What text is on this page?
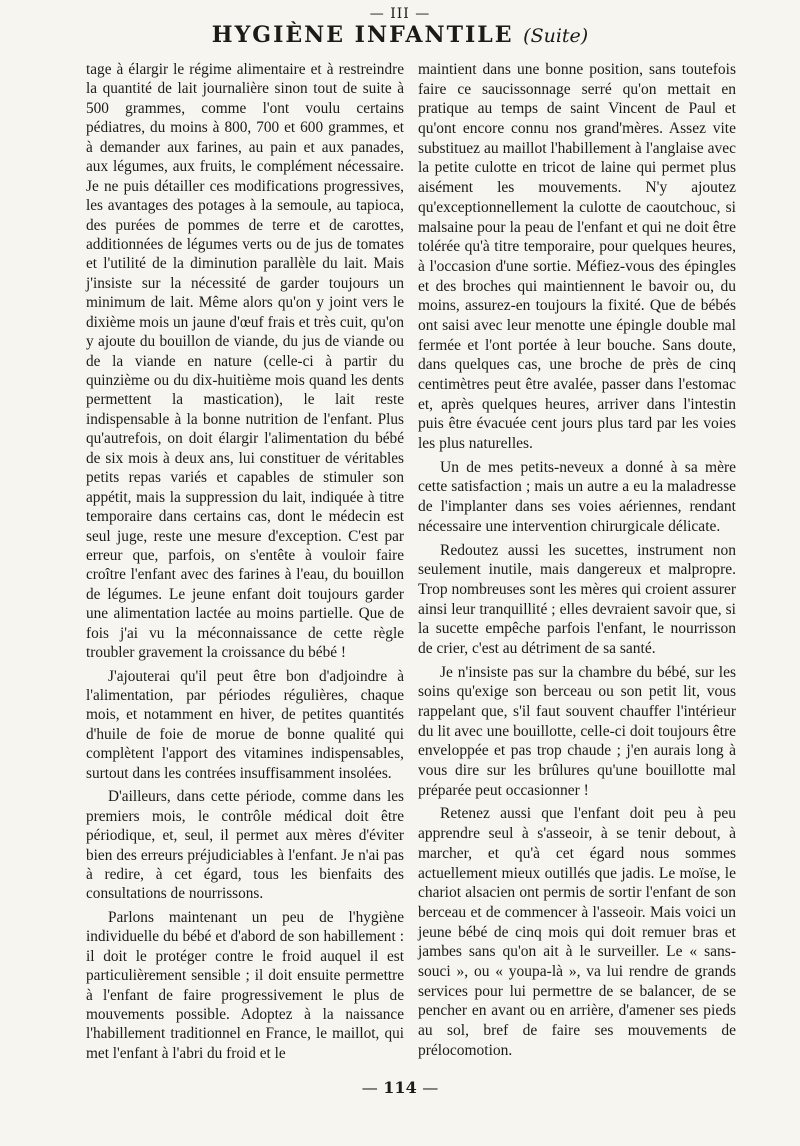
— III —
HYGIÈNE INFANTILE (Suite)

tage à élargir le régime alimentaire et à restreindre la quantité de lait journalière sinon tout de suite à 500 grammes, comme l'ont voulu certains pédiatres, du moins à 800, 700 et 600 grammes, et à demander aux farines, au pain et aux panades, aux légumes, aux fruits, le complément nécessaire. Je ne puis détailler ces modifications progressives, les avantages des potages à la semoule, au tapioca, des purées de pommes de terre et de carottes, additionnées de légumes verts ou de jus de tomates et l'utilité de la diminution parallèle du lait. Mais j'insiste sur la nécessité de garder toujours un minimum de lait. Même alors qu'on y joint vers le dixième mois un jaune d'œuf frais et très cuit, qu'on y ajoute du bouillon de viande, du jus de viande ou de la viande en nature (celle-ci à partir du quinzième ou du dix-huitième mois quand les dents permettent la mastication), le lait reste indispensable à la bonne nutrition de l'enfant. Plus qu'autrefois, on doit élargir l'alimentation du bébé de six mois à deux ans, lui constituer de véritables petits repas variés et capables de stimuler son appétit, mais la suppression du lait, indiquée à titre temporaire dans certains cas, dont le médecin est seul juge, reste une mesure d'exception. C'est par erreur que, parfois, on s'entête à vouloir faire croître l'enfant avec des farines à l'eau, du bouillon de légumes. Le jeune enfant doit toujours garder une alimentation lactée au moins partielle. Que de fois j'ai vu la méconnaissance de cette règle troubler gravement la croissance du bébé !

J'ajouterai qu'il peut être bon d'adjoindre à l'alimentation, par périodes régulières, chaque mois, et notamment en hiver, de petites quantités d'huile de foie de morue de bonne qualité qui complètent l'apport des vitamines indispensables, surtout dans les contrées insuffisamment insolées.

D'ailleurs, dans cette période, comme dans les premiers mois, le contrôle médical doit être périodique, et, seul, il permet aux mères d'éviter bien des erreurs préjudiciables à l'enfant. Je n'ai pas à redire, à cet égard, tous les bienfaits des consultations de nourrissons.

Parlons maintenant un peu de l'hygiène individuelle du bébé et d'abord de son habillement : il doit le protéger contre le froid auquel il est particulièrement sensible ; il doit ensuite permettre à l'enfant de faire progressivement le plus de mouvements possible. Adoptez à la naissance l'habillement traditionnel en France, le maillot, qui met l'enfant à l'abri du froid et le

maintient dans une bonne position, sans toutefois faire ce saucissonnage serré qu'on mettait en pratique au temps de saint Vincent de Paul et qu'ont encore connu nos grand'mères. Assez vite substituez au maillot l'habillement à l'anglaise avec la petite culotte en tricot de laine qui permet plus aisément les mouvements. N'y ajoutez qu'exceptionnellement la culotte de caoutchouc, si malsaine pour la peau de l'enfant et qui ne doit être tolérée qu'à titre temporaire, pour quelques heures, à l'occasion d'une sortie. Méfiez-vous des épingles et des broches qui maintiennent le bavoir ou, du moins, assurez-en toujours la fixité. Que de bébés ont saisi avec leur menotte une épingle double mal fermée et l'ont portée à leur bouche. Sans doute, dans quelques cas, une broche de près de cinq centimètres peut être avalée, passer dans l'estomac et, après quelques heures, arriver dans l'intestin puis être évacuée cent jours plus tard par les voies les plus naturelles.

Un de mes petits-neveux a donné à sa mère cette satisfaction ; mais un autre a eu la maladresse de l'implanter dans ses voies aériennes, rendant nécessaire une intervention chirurgicale délicate.

Redoutez aussi les sucettes, instrument non seulement inutile, mais dangereux et malpropre. Trop nombreuses sont les mères qui croient assurer ainsi leur tranquillité ; elles devraient savoir que, si la sucette empêche parfois l'enfant, le nourrisson de crier, c'est au détriment de sa santé.

Je n'insiste pas sur la chambre du bébé, sur les soins qu'exige son berceau ou son petit lit, vous rappelant que, s'il faut souvent chauffer l'intérieur du lit avec une bouillotte, celle-ci doit toujours être enveloppée et pas trop chaude ; j'en aurais long à vous dire sur les brûlures qu'une bouillotte mal préparée peut occasionner !

Retenez aussi que l'enfant doit peu à peu apprendre seul à s'asseoir, à se tenir debout, à marcher, et qu'à cet égard nous sommes actuellement mieux outillés que jadis. Le moïse, le chariot alsacien ont permis de sortir l'enfant de son berceau et de commencer à l'asseoir. Mais voici un jeune bébé de cinq mois qui doit remuer bras et jambes sans qu'on ait à le surveiller. Le « sans-souci », ou « youpa-là », va lui rendre de grands services pour lui permettre de se balancer, de se pencher en avant ou en arrière, d'amener ses pieds au sol, bref de faire ses mouvements de prélocomotion.

— 114 —
